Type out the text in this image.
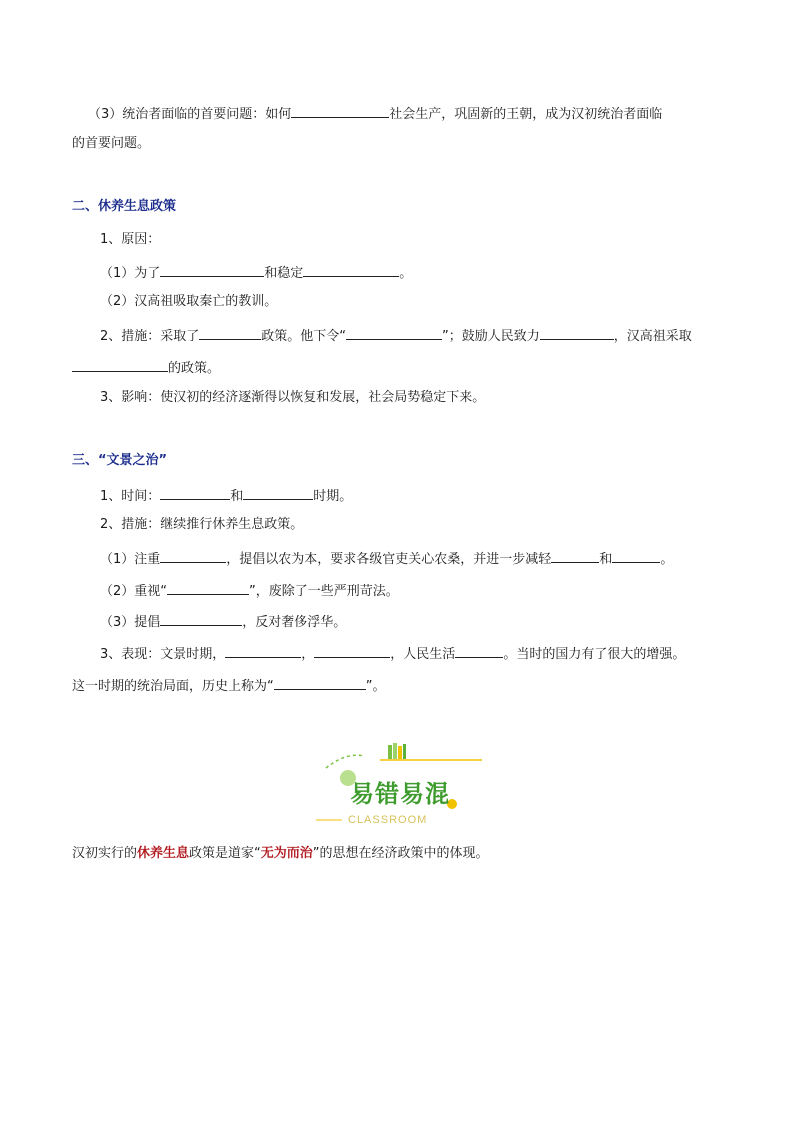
（3）统治者面临的首要问题：如何	社会生产，巩固新的王朝，成为汉初统治者面临
的首要问题。
二、休养生息政策
1、原因：
（1）为了	和稳定	。
（2）汉高祖吸取秦亡的教训。
2、措施：采取了	政策。他下令“	”；鼓励人民致力	，汉高祖采取
的政策。
3、影响：使汉初的经济逐渐得以恢复和发展，社会局势稳定下来。
三、“文景之治”
1、时间：	和	时期。
2、措施：继续推行休养生息政策。
（1）注重	，提倡以农为本，要求各级官吏关心农桑，并进一步减轻	和	。
（2）重视“	”，废除了一些严刑苛法。
（3）提倡	，反对奢侈浮华。
3、表现：文景时期，	，	，人民生活	。当时的国力有了很大的增强。
这一时期的统治局面，历史上称为“	”。
易错易混
CLASSROOM
汉初实行的休养生息政策是道家“无为而治”的思想在经济政策中的体现。
